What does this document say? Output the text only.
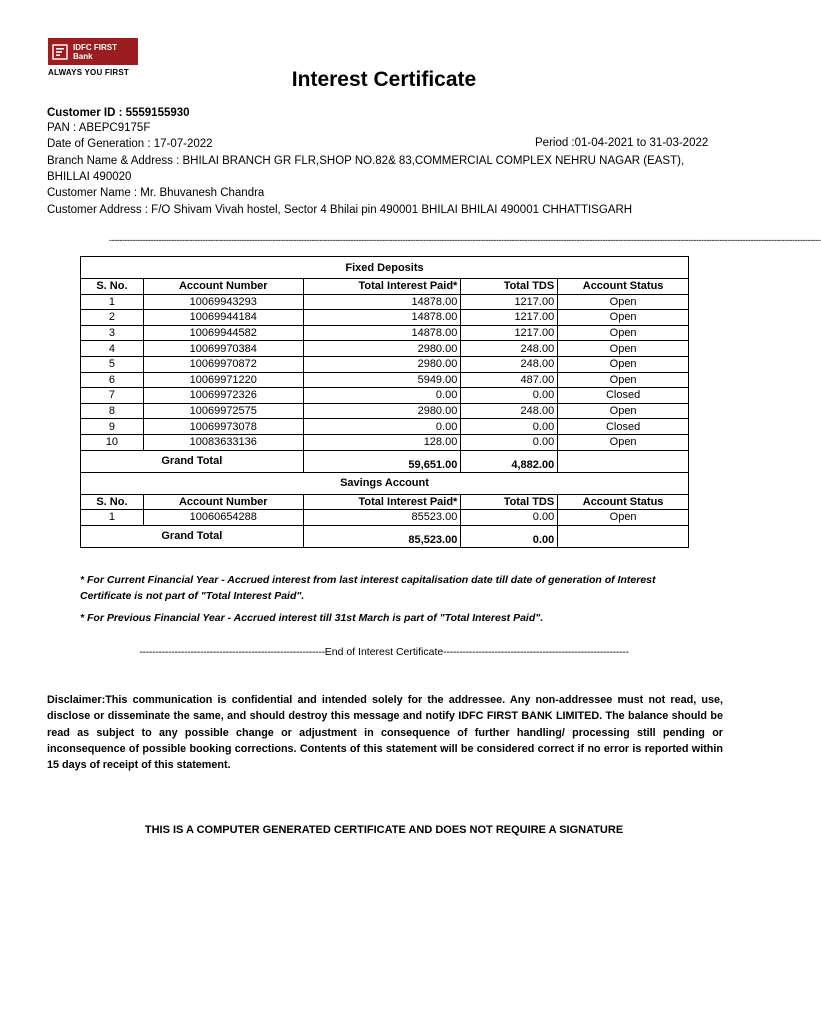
IDFC FIRST
Bank
ALWAYS YOU FIRST	Interest Certificate
Customer ID : 5559155930
PAN : ABEPC9175F
Date of Generation : 17-07-2022	Period :01-04-2021 to 31-03-2022
Branch Name & Address : BHILAI BRANCH GR FLR,SHOP NO.82& 83,COMMERCIAL COMPLEX NEHRU NAGAR (EAST),
BHILLAI 490020
Customer Name : Mr. Bhuvanesh Chandra
Customer Address : F/O Shivam Vivah hostel, Sector 4 Bhilai pin 490001 BHILAI BHILAI 490001 CHHATTISGARH
----------------------------------------------------------------------------------------------------------------------------------------------------------------------------------------------------------------------------------------------------------------------------------
Fixed Deposits				
S. No.	Account Number	Total Interest Paid*	Total TDS	Account Status
1	10069943293	14878.00	1217.00	Open
2	10069944184	14878.00	1217.00	Open
3	10069944582	14878.00	1217.00	Open
4	10069970384	2980.00	248.00	Open
5	10069970872	2980.00	248.00	Open
6	10069971220	5949.00	487.00	Open
7	10069972326	0.00	0.00	Closed
8	10069972575	2980.00	248.00	Open
9	10069973078	0.00	0.00	Closed
10	10083633136	128.00	0.00	Open
Grand Total		59,651.00	4,882.00	
Savings Account				
S. No.	Account Number	Total Interest Paid*	Total TDS	Account Status
1	10060654288	85523.00	0.00	Open
Grand Total		85,523.00	0.00	
* For Current Financial Year - Accrued interest from last interest capitalisation date till date of generation of Interest
Certificate is not part of "Total Interest Paid".
* For Previous Financial Year - Accrued interest till 31st March is part of "Total Interest Paid".
----------------------------------------------------------End of Interest Certificate----------------------------------------------------------
Disclaimer:This communication is confidential and intended solely for the addressee. Any non-addressee must not read, use, disclose or disseminate the same, and should destroy this message and notify IDFC FIRST BANK LIMITED. The balance should be read as subject to any possible change or adjustment in consequence of further handling/ processing still pending or inconsequence of possible booking corrections. Contents of this statement will be considered correct if no error is reported within 15 days of receipt of this statement.
THIS IS A COMPUTER GENERATED CERTIFICATE AND DOES NOT REQUIRE A SIGNATURE
